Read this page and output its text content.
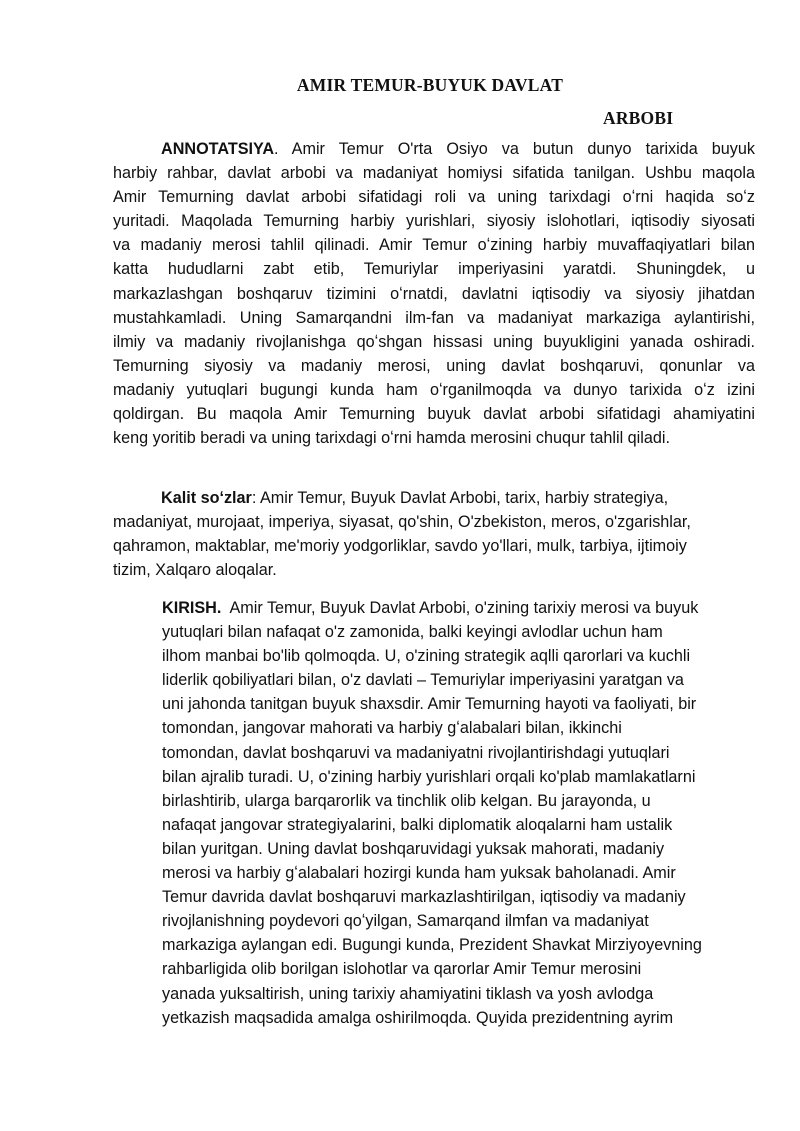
AMIR TEMUR-BUYUK DAVLAT
ARBOBI
ANNOTATSIYA. Amir Temur O'rta Osiyo va butun dunyo tarixida buyuk
harbiy rahbar, davlat arbobi va madaniyat homiysi sifatida tanilgan. Ushbu maqola
Amir Temurning davlat arbobi sifatidagi roli va uning tarixdagi oʻrni haqida soʻz
yuritadi. Maqolada Temurning harbiy yurishlari, siyosiy islohotlari, iqtisodiy siyosati
va madaniy merosi tahlil qilinadi. Amir Temur oʻzining harbiy muvaffaqiyatlari bilan
katta hududlarni zabt etib, Temuriylar imperiyasini yaratdi. Shuningdek, u
markazlashgan boshqaruv tizimini oʻrnatdi, davlatni iqtisodiy va siyosiy jihatdan
mustahkamladi. Uning Samarqandni ilm-fan va madaniyat markaziga aylantirishi,
ilmiy va madaniy rivojlanishga qoʻshgan hissasi uning buyukligini yanada oshiradi.
Temurning siyosiy va madaniy merosi, uning davlat boshqaruvi, qonunlar va
madaniy yutuqlari bugungi kunda ham oʻrganilmoqda va dunyo tarixida oʻz izini
qoldirgan. Bu maqola Amir Temurning buyuk davlat arbobi sifatidagi ahamiyatini
keng yoritib beradi va uning tarixdagi oʻrni hamda merosini chuqur tahlil qiladi.
Kalit soʻzlar: Amir Temur, Buyuk Davlat Arbobi, tarix, harbiy strategiya,
madaniyat, murojaat, imperiya, siyasat, qo'shin, O'zbekiston, meros, o'zgarishlar,
qahramon, maktablar, me'moriy yodgorliklar, savdo yo'llari, mulk, tarbiya, ijtimoiy
tizim, Xalqaro aloqalar.
KIRISH.  Amir Temur, Buyuk Davlat Arbobi, o'zining tarixiy merosi va buyuk
yutuqlari bilan nafaqat o'z zamonida, balki keyingi avlodlar uchun ham
ilhom manbai bo'lib qolmoqda. U, o'zining strategik aqlli qarorlari va kuchli
liderlik qobiliyatlari bilan, o'z davlati – Temuriylar imperiyasini yaratgan va
uni jahonda tanitgan buyuk shaxsdir. Amir Temurning hayoti va faoliyati, bir
tomondan, jangovar mahorati va harbiy gʻalabalari bilan, ikkinchi
tomondan, davlat boshqaruvi va madaniyatni rivojlantirishdagi yutuqlari
bilan ajralib turadi. U, o'zining harbiy yurishlari orqali ko'plab mamlakatlarni
birlashtirib, ularga barqarorlik va tinchlik olib kelgan. Bu jarayonda, u
nafaqat jangovar strategiyalarini, balki diplomatik aloqalarni ham ustalik
bilan yuritgan. Uning davlat boshqaruvidagi yuksak mahorati, madaniy
merosi va harbiy gʻalabalari hozirgi kunda ham yuksak baholanadi. Amir
Temur davrida davlat boshqaruvi markazlashtirilgan, iqtisodiy va madaniy
rivojlanishning poydevori qoʻyilgan, Samarqand ilmfan va madaniyat
markaziga aylangan edi. Bugungi kunda, Prezident Shavkat Mirziyoyevning
rahbarligida olib borilgan islohotlar va qarorlar Amir Temur merosini
yanada yuksaltirish, uning tarixiy ahamiyatini tiklash va yosh avlodga
yetkazish maqsadida amalga oshirilmoqda. Quyida prezidentning ayrim
